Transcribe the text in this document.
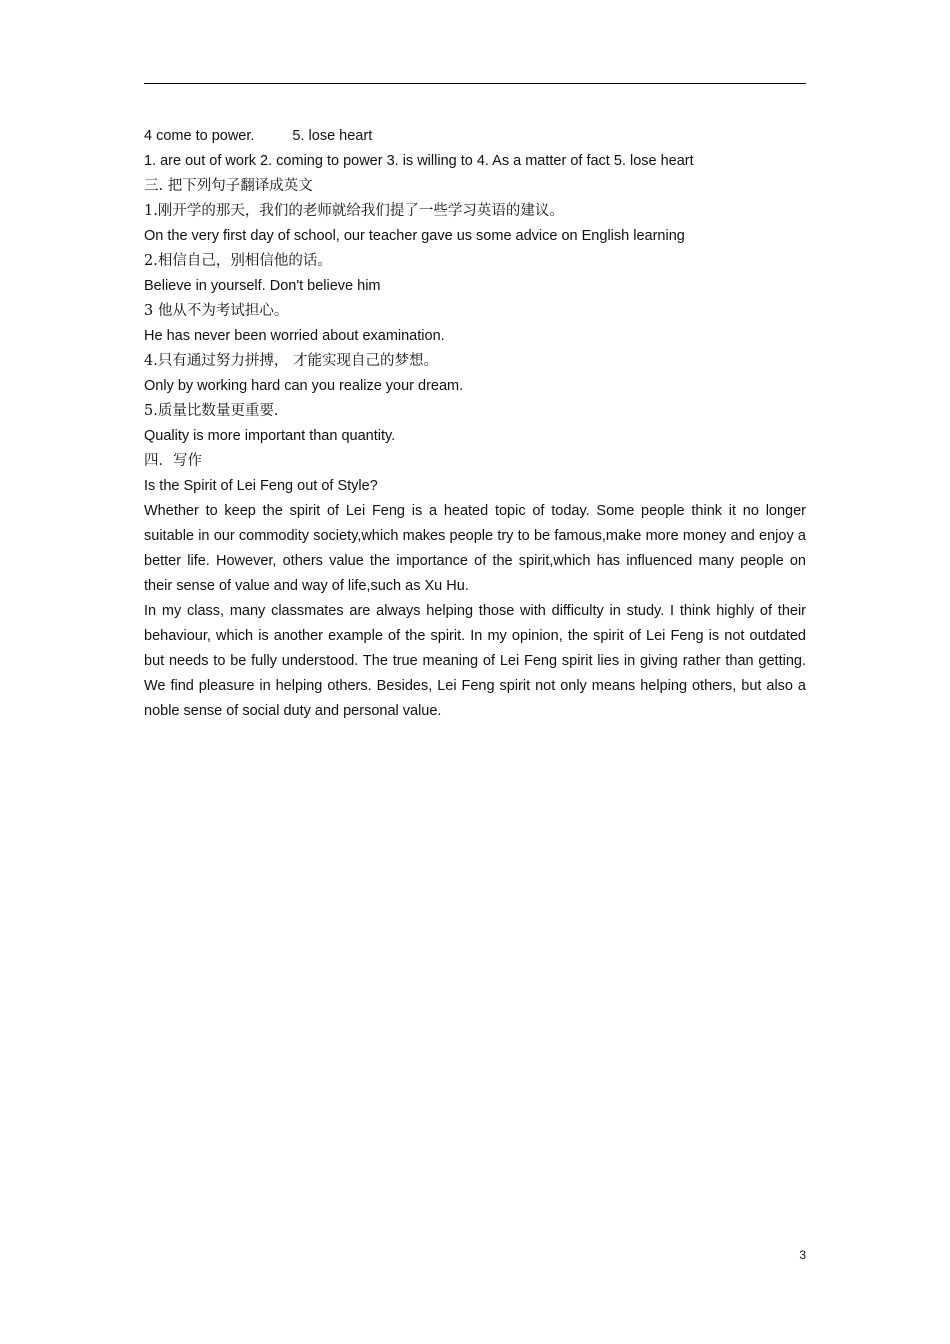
4 come to power.	5. lose heart
1. are out of work 2. coming to power 3. is willing to 4. As a matter of fact 5. lose heart
三. 把下列句子翻译成英文
1.刚开学的那天，我们的老师就给我们提了一些学习英语的建议。
On the very first day of school, our teacher gave us some advice on English learning
2.相信自己，别相信他的话。
Believe in yourself. Don't believe him
3 他从不为考试担心。
He has never been worried about examination.
4.只有通过努力拼搏， 才能实现自己的梦想。
Only by working hard can you realize your dream.
5.质量比数量更重要.
Quality is more important than quantity.
四．写作
Is the Spirit of Lei Feng out of Style?
Whether to keep the spirit of Lei Feng is a heated topic of today. Some people think it no longer suitable in our commodity society,which makes people try to be famous,make more money and enjoy a better life. However, others value the importance of the spirit,which has influenced many people on their sense of value and way of life,such as Xu Hu.
In my class, many classmates are always helping those with difficulty in study. I think highly of their behaviour, which is another example of the spirit. In my opinion, the spirit of Lei Feng is not outdated but needs to be fully understood. The true meaning of Lei Feng spirit lies in giving rather than getting. We find pleasure in helping others. Besides, Lei Feng spirit not only means helping others, but also a noble sense of social duty and personal value.
3
